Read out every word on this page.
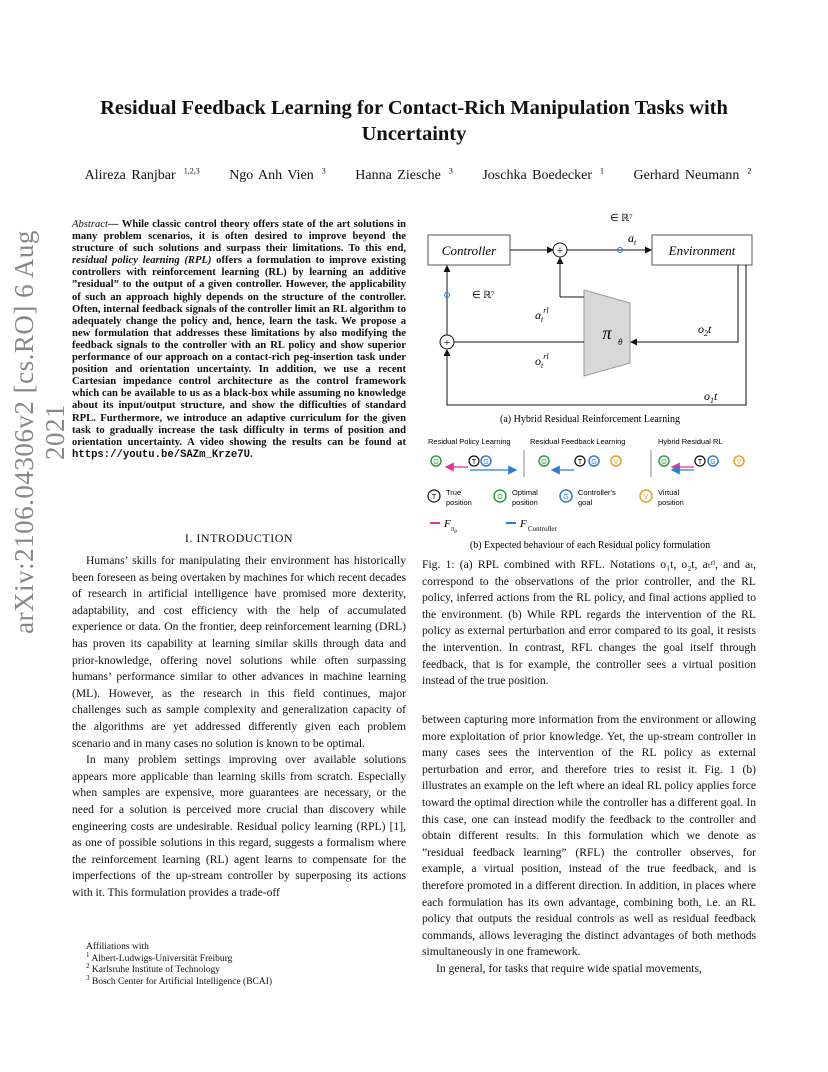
arXiv:2106.04306v2 [cs.RO] 6 Aug 2021
Residual Feedback Learning for Contact-Rich Manipulation Tasks with Uncertainty
Alireza Ranjbar $^{1,2,3}$ Ngo Anh Vien $^3$ Hanna Ziesche $^3$ Joschka Boedecker $^1$ Gerhard Neumann $^2$
Abstract— While classic control theory offers state of the art solutions in many problem scenarios, it is often desired to improve beyond the structure of such solutions and surpass their limitations. To this end, residual policy learning (RPL) offers a formulation to improve existing controllers with reinforcement learning (RL) by learning an additive ”residual” to the output of a given controller. However, the applicability of such an approach highly depends on the structure of the controller. Often, internal feedback signals of the controller limit an RL algorithm to adequately change the policy and, hence, learn the task. We propose a new formulation that addresses these limitations by also modifying the feedback signals to the controller with an RL policy and show superior performance of our approach on a contact-rich peg-insertion task under position and orientation uncertainty. In addition, we use a recent Cartesian impedance control architecture as the control framework which can be available to us as a black-box while assuming no knowledge about its input/output structure, and show the difficulties of standard RPL. Furthermore, we introduce an adaptive curriculum for the given task to gradually increase the task difficulty in terms of position and orientation uncertainty. A video showing the results can be found at https://youtu.be/SAZm_Krze7U.
I. INTRODUCTION

Humans’ skills for manipulating their environment has historically been foreseen as being overtaken by machines for which recent decades of research in artificial intelligence have promised more dexterity, adaptability, and cost efficiency with the help of accumulated experience or data. On the frontier, deep reinforcement learning (DRL) has proven its capability at learning similar skills through data and prior-knowledge, offering novel solutions while often surpassing humans’ performance similar to other advances in machine learning (ML). However, as the research in this field continues, major challenges such as sample complexity and generalization capacity of the algorithms are yet addressed differently given each problem scenario and in many cases no solution is known to be optimal.

In many problem settings improving over available solutions appears more applicable than learning skills from scratch. Especially when samples are expensive, more guarantees are necessary, or the need for a solution is perceived more crucial than discovery while engineering costs are undesirable. Residual policy learning (RPL) [1], as one of possible solutions in this regard, suggests a formalism where the reinforcement learning (RL) agent learns to compensate for the imperfections of the up-stream controller by superposing its actions with it. This formulation provides a trade-off

Affiliations with
$^1$ Albert-Ludwigs-Universität Freiburg
$^2$ Karlsruhe Institute of Technology
$^3$ Bosch Center for Artificial Intelligence (BCAI)
Controller	Environment
+
∈ ℝ⁷
$a_t$
π θ
$a_t^{rl}$
$o_t^{rl}$
+
∈ ℝ⁷
$o_2t$
$o_1t$
(a) Hybrid Residual Reinforcement Learning
Residual Policy Learning	Residual Feedback Learning	Hybrid Residual RL
O	T G	O	T G V	O	T G	V
T
True
position
O
Optimal
position
G
Controller's
goal
V
Virtual
position
$F_\pi\theta$
F Controller
(b) Expected behaviour of each Residual policy formulation
Fig. 1: (a) RPL combined with RFL. Notations o₁t, o₂t, aₜʳˡ, and aₜ, correspond to the observations of the prior controller, and the RL policy, inferred actions from the RL policy, and final actions applied to the environment. (b) While RPL regards the intervention of the RL policy as external perturbation and error compared to its goal, it resists the intervention. In contrast, RFL changes the goal itself through feedback, that is for example, the controller sees a virtual position instead of the true position.

between capturing more information from the environment or allowing more exploitation of prior knowledge. Yet, the up-stream controller in many cases sees the intervention of the RL policy as external perturbation and error, and therefore tries to resist it. Fig. 1 (b) illustrates an example on the left where an ideal RL policy applies force toward the optimal direction while the controller has a different goal. In this case, one can instead modify the feedback to the controller and obtain different results. In this formulation which we denote as ”residual feedback learning” (RFL) the controller observes, for example, a virtual position, instead of the true feedback, and is therefore promoted in a different direction. In addition, in places where each formulation has its own advantage, combining both, i.e. an RL policy that outputs the residual controls as well as residual feedback commands, allows leveraging the distinct advantages of both methods simultaneously in one framework.

In general, for tasks that require wide spatial movements,
